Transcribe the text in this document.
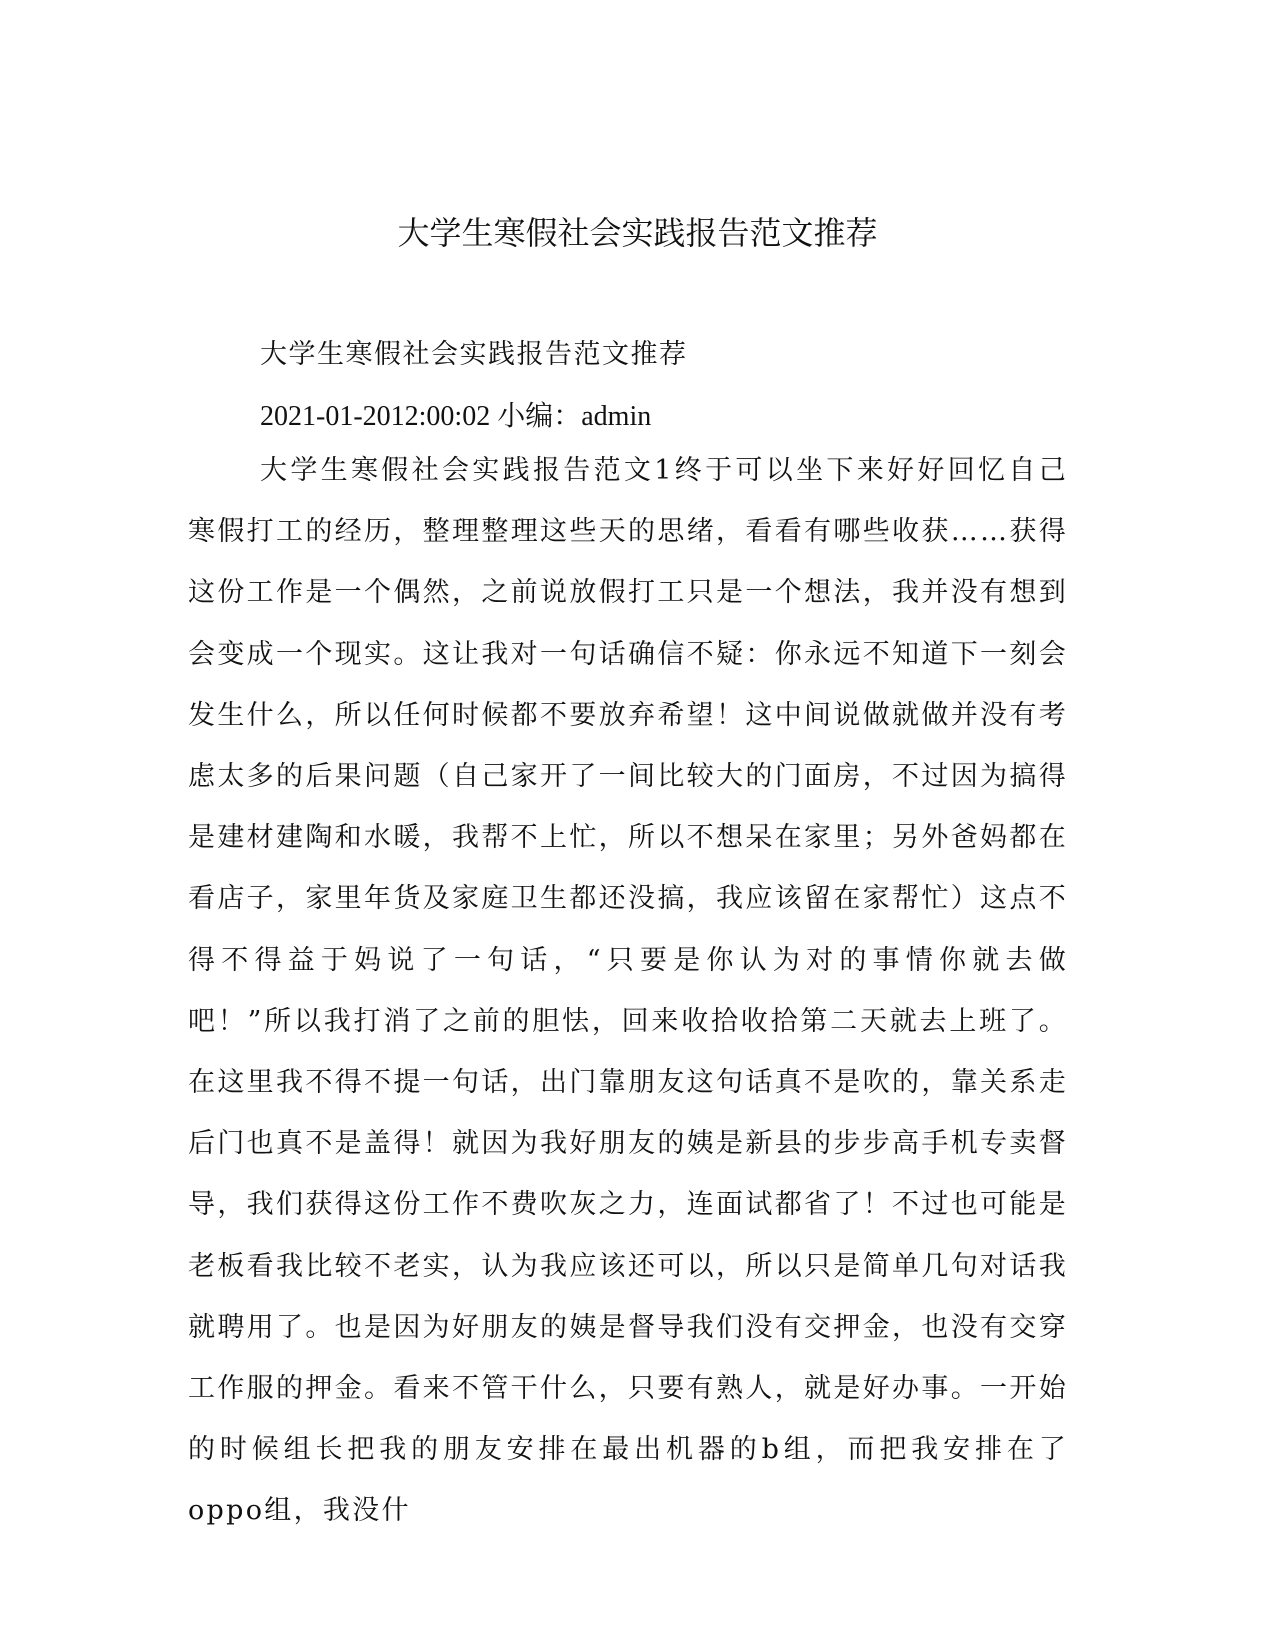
大学生寒假社会实践报告范文推荐

大学生寒假社会实践报告范文推荐

2021-01-2012:00:02 小编：admin

大学生寒假社会实践报告范文1终于可以坐下来好好回忆自己寒假打工的经历，整理整理这些天的思绪，看看有哪些收获……获得这份工作是一个偶然，之前说放假打工只是一个想法，我并没有想到会变成一个现实。这让我对一句话确信不疑：你永远不知道下一刻会发生什么，所以任何时候都不要放弃希望！这中间说做就做并没有考虑太多的后果问题（自己家开了一间比较大的门面房，不过因为搞得是建材建陶和水暖，我帮不上忙，所以不想呆在家里；另外爸妈都在看店子，家里年货及家庭卫生都还没搞，我应该留在家帮忙）这点不得不得益于妈说了一句话，“只要是你认为对的事情你就去做吧！”所以我打消了之前的胆怯，回来收拾收拾第二天就去上班了。在这里我不得不提一句话，出门靠朋友这句话真不是吹的，靠关系走后门也真不是盖得！就因为我好朋友的姨是新县的步步高手机专卖督导，我们获得这份工作不费吹灰之力，连面试都省了！不过也可能是老板看我比较不老实，认为我应该还可以，所以只是简单几句对话我就聘用了。也是因为好朋友的姨是督导我们没有交押金，也没有交穿工作服的押金。看来不管干什么，只要有熟人，就是好办事。一开始的时候组长把我的朋友安排在最出机器的b组，而把我安排在了oppo组，我没什
